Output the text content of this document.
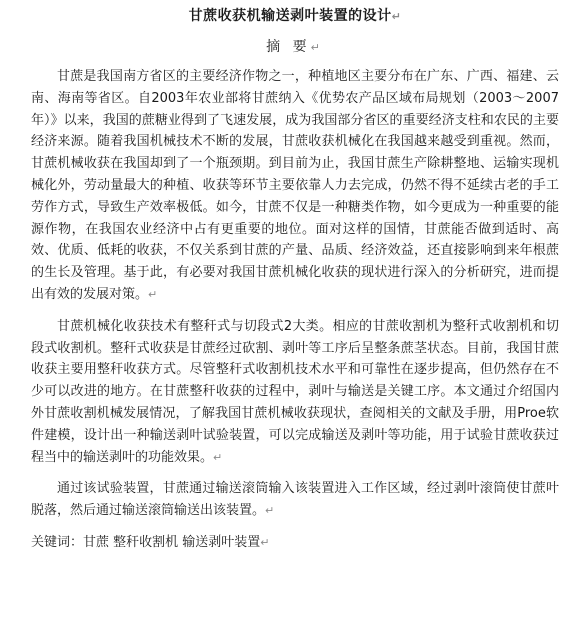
甘蔗收获机输送剥叶装置的设计↵

摘 要↵

甘蔗是我国南方省区的主要经济作物之一，种植地区主要分布在广东、广西、福建、云南、海南等省区。自2003年农业部将甘蔗纳入《优势农产品区域布局规划（2003～2007年）》以来，我国的蔗糖业得到了飞速发展，成为我国部分省区的重要经济支柱和农民的主要经济来源。随着我国机械技术不断的发展，甘蔗收获机械化在我国越来越受到重视。然而，甘蔗机械收获在我国却到了一个瓶颈期。到目前为止，我国甘蔗生产除耕整地、运输实现机械化外，劳动量最大的种植、收获等环节主要依靠人力去完成，仍然不得不延续古老的手工劳作方式，导致生产效率极低。如今，甘蔗不仅是一种糖类作物，如今更成为一种重要的能源作物，在我国农业经济中占有更重要的地位。面对这样的国情，甘蔗能否做到适时、高效、优质、低耗的收获，不仅关系到甘蔗的产量、品质、经济效益，还直接影响到来年根蔗的生长及管理。基于此，有必要对我国甘蔗机械化收获的现状进行深入的分析研究，进而提出有效的发展对策。↵

甘蔗机械化收获技术有整秆式与切段式2大类。相应的甘蔗收割机为整秆式收割机和切段式收割机。整秆式收获是甘蔗经过砍割、剥叶等工序后呈整条蔗茎状态。目前，我国甘蔗收获主要用整秆收获方式。尽管整秆式收割机技术水平和可靠性在逐步提高，但仍然存在不少可以改进的地方。在甘蔗整秆收获的过程中，剥叶与输送是关键工序。本文通过介绍国内外甘蔗收割机械发展情况，了解我国甘蔗机械收获现状，查阅相关的文献及手册，用Proe软件建模，设计出一种输送剥叶试验装置，可以完成输送及剥叶等功能，用于试验甘蔗收获过程当中的输送剥叶的功能效果。↵

通过该试验装置，甘蔗通过输送滚筒输入该装置进入工作区域，经过剥叶滚筒使甘蔗叶脱落，然后通过输送滚筒输送出该装置。↵

关键词：甘蔗 整秆收割机 输送剥叶装置↵
